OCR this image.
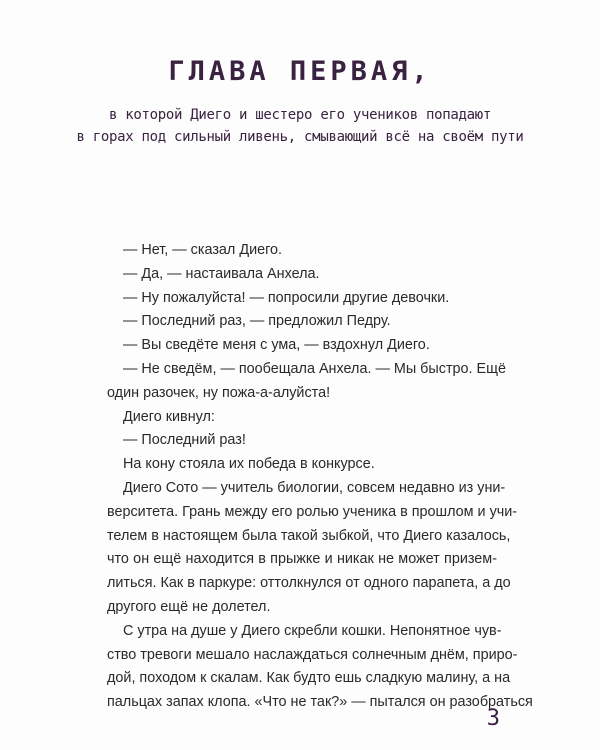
ГЛАВА ПЕРВАЯ,

в которой Диего и шестеро его учеников попадают
в горах под сильный ливень, смывающий всё на своём пути

— Нет, — сказал Диего.
— Да, — настаивала Анхела.
— Ну пожалуйста! — попросили другие девочки.
— Последний раз, — предложил Педру.
— Вы сведёте меня с ума, — вздохнул Диего.
— Не сведём, — пообещала Анхела. — Мы быстро. Ещё
один разочек, ну пожа-а-алуйста!
Диего кивнул:
— Последний раз!
На кону стояла их победа в конкурсе.
Диего Сото — учитель биологии, совсем недавно из уни-
верситета. Грань между его ролью ученика в прошлом и учи-
телем в настоящем была такой зыбкой, что Диего казалось,
что он ещё находится в прыжке и никак не может призем-
литься. Как в паркуре: оттолкнулся от одного парапета, а до
другого ещё не долетел.
С утра на душе у Диего скребли кошки. Непонятное чув-
ство тревоги мешало наслаждаться солнечным днём, приро-
дой, походом к скалам. Как будто ешь сладкую малину, а на
пальцах запах клопа. «Что не так?» — пытался он разобраться
3
